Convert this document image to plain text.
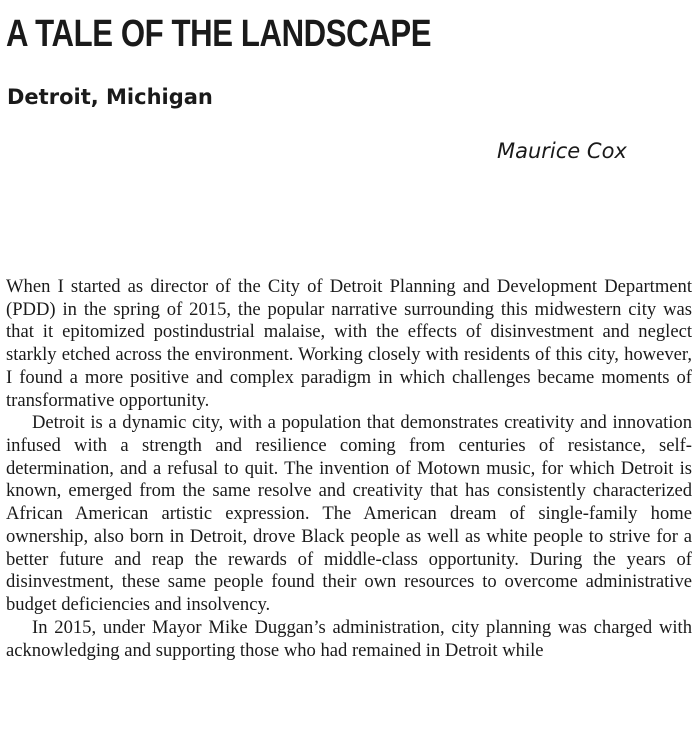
A TALE OF THE LANDSCAPE
Detroit, Michigan
Maurice Cox

When I started as director of the City of Detroit Planning and Development Department (PDD) in the spring of 2015, the popular narrative surrounding this midwestern city was that it epitomized postindustrial malaise, with the effects of disinvestment and neglect starkly etched across the environment. Working closely with residents of this city, however, I found a more positive and complex paradigm in which challenges became moments of transformative opportunity.

Detroit is a dynamic city, with a population that demonstrates creativity and innovation infused with a strength and resilience coming from centuries of resistance, self-determination, and a refusal to quit. The invention of Motown music, for which Detroit is known, emerged from the same resolve and creativity that has consistently characterized African American artistic expression. The American dream of single-family home ownership, also born in Detroit, drove Black people as well as white people to strive for a better future and reap the rewards of middle-class opportunity. During the years of disinvestment, these same people found their own resources to overcome administrative budget deficiencies and insolvency.

In 2015, under Mayor Mike Duggan’s administration, city planning was charged with acknowledging and supporting those who had remained in Detroit while
